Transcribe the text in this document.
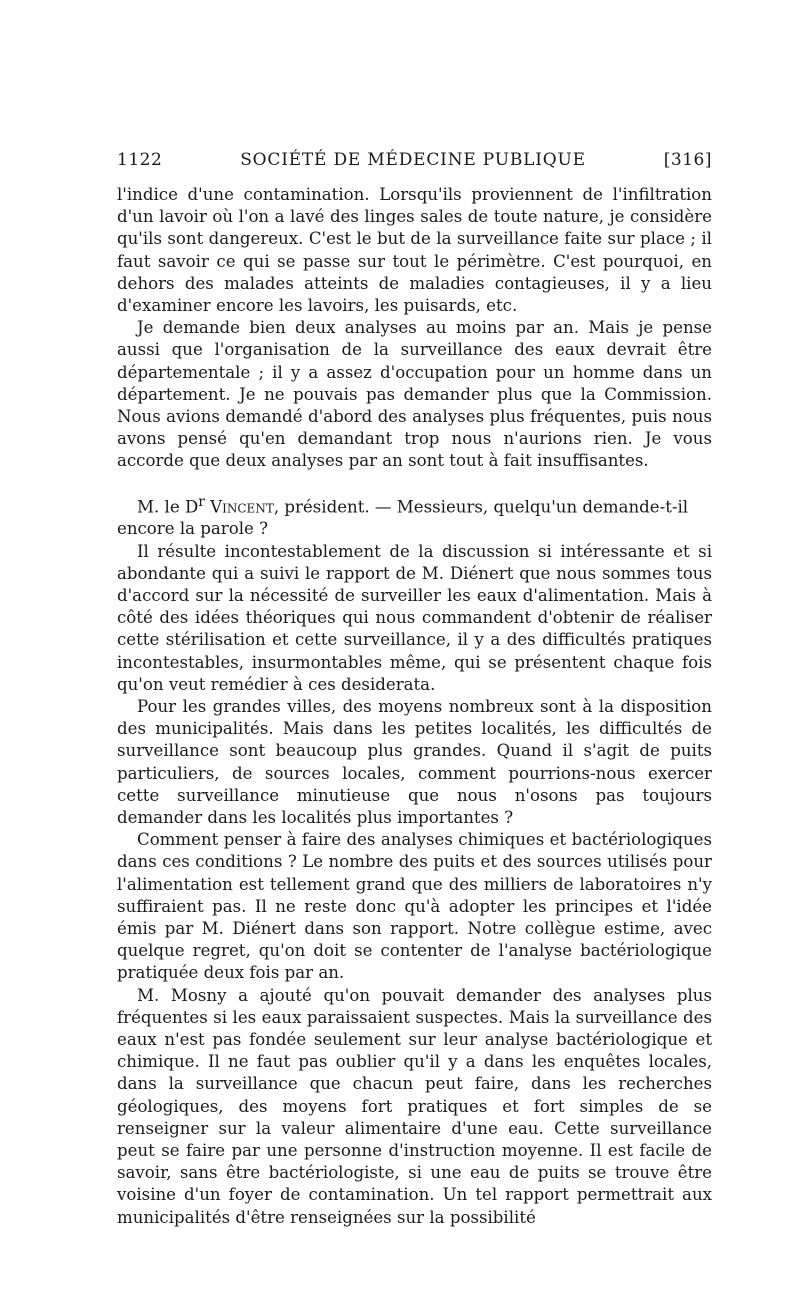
1122	SOCIÉTÉ DE MÉDECINE PUBLIQUE	[316]

l'indice d'une contamination. Lorsqu'ils proviennent de l'infiltration d'un lavoir où l'on a lavé des linges sales de toute nature, je considère qu'ils sont dangereux. C'est le but de la surveillance faite sur place ; il faut savoir ce qui se passe sur tout le périmètre. C'est pourquoi, en dehors des malades atteints de maladies contagieuses, il y a lieu d'examiner encore les lavoirs, les puisards, etc.

Je demande bien deux analyses au moins par an. Mais je pense aussi que l'organisation de la surveillance des eaux devrait être départementale ; il y a assez d'occupation pour un homme dans un département. Je ne pouvais pas demander plus que la Commission. Nous avions demandé d'abord des analyses plus fréquentes, puis nous avons pensé qu'en demandant trop nous n'aurions rien. Je vous accorde que deux analyses par an sont tout à fait insuffisantes.

M. le $D^r$ Vincent, président. — Messieurs, quelqu'un demande-t-il

encore la parole ?

Il résulte incontestablement de la discussion si intéressante et si abondante qui a suivi le rapport de M. Diénert que nous sommes tous d'accord sur la nécessité de surveiller les eaux d'alimentation. Mais à côté des idées théoriques qui nous commandent d'obtenir de réaliser cette stérilisation et cette surveillance, il y a des difficultés pratiques incontestables, insurmontables même, qui se présentent chaque fois qu'on veut remédier à ces desiderata.

Pour les grandes villes, des moyens nombreux sont à la disposition des municipalités. Mais dans les petites localités, les difficultés de surveillance sont beaucoup plus grandes. Quand il s'agit de puits particuliers, de sources locales, comment pourrions-nous exercer cette surveillance minutieuse que nous n'osons pas toujours demander dans les localités plus importantes ?

Comment penser à faire des analyses chimiques et bactériologiques dans ces conditions ? Le nombre des puits et des sources utilisés pour l'alimentation est tellement grand que des milliers de laboratoires n'y suffiraient pas. Il ne reste donc qu'à adopter les principes et l'idée émis par M. Diénert dans son rapport. Notre collègue estime, avec quelque regret, qu'on doit se contenter de l'analyse bactériologique pratiquée deux fois par an.

M. Mosny a ajouté qu'on pouvait demander des analyses plus fréquentes si les eaux paraissaient suspectes. Mais la surveillance des eaux n'est pas fondée seulement sur leur analyse bactériologique et chimique. Il ne faut pas oublier qu'il y a dans les enquêtes locales, dans la surveillance que chacun peut faire, dans les recherches géologiques, des moyens fort pratiques et fort simples de se renseigner sur la valeur alimentaire d'une eau. Cette surveillance peut se faire par une personne d'instruction moyenne. Il est facile de savoir, sans être bactériologiste, si une eau de puits se trouve être voisine d'un foyer de contamination. Un tel rapport permettrait aux municipalités d'être renseignées sur la possibilité
